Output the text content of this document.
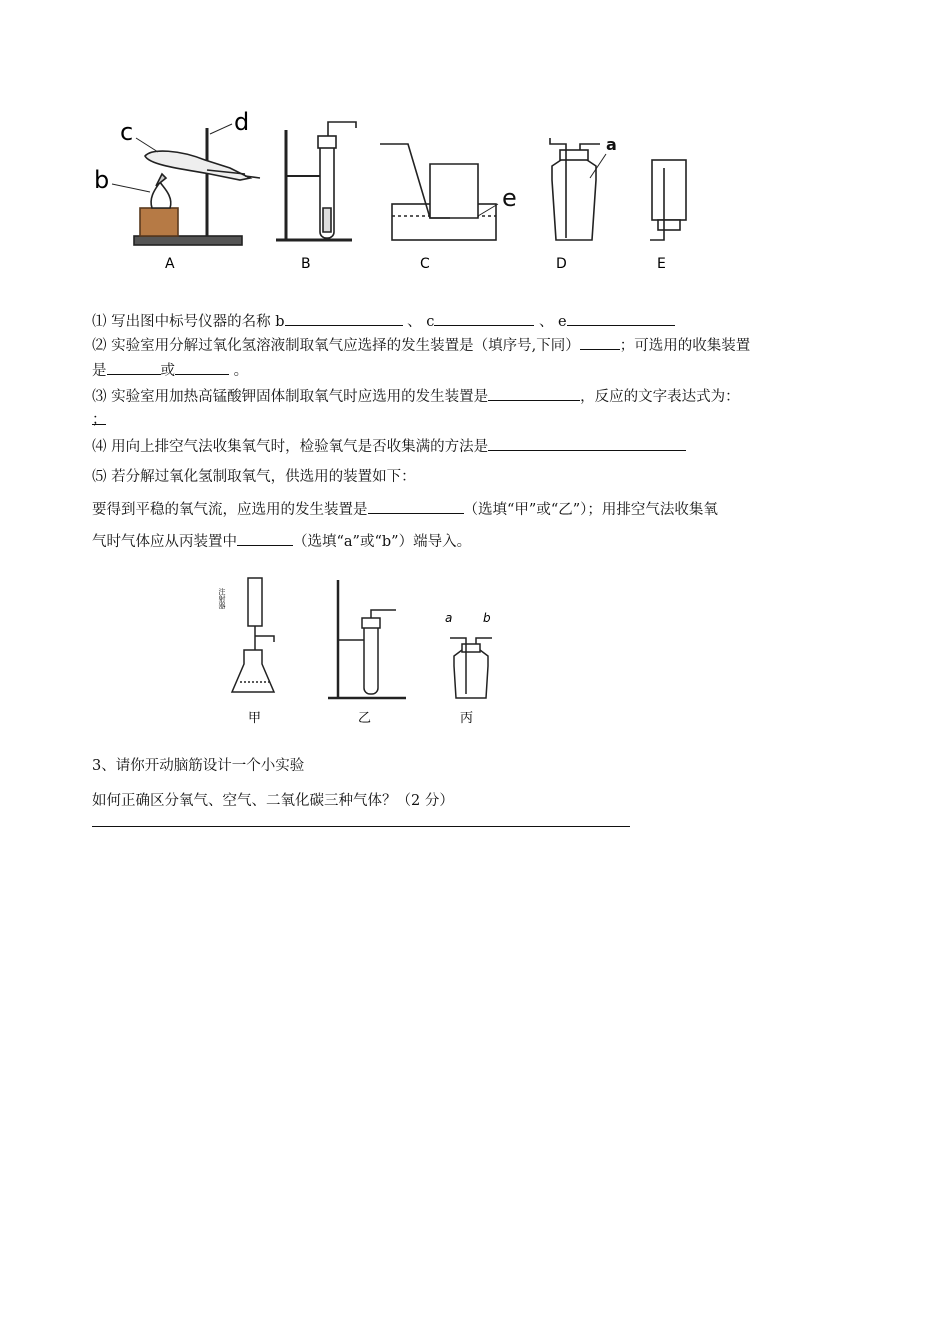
b
c	d
e
a
A	B	C	D	E
⑴ 写出图中标号仪器的名称 b	、 c	、 e
⑵ 实验室用分解过氧化氢溶液制取氧气应选择的发生装置是（填序号,下同）	；可选用的收集装置
是	或	。
⑶ 实验室用加热高锰酸钾固体制取氧气时应选用的发生装置是	，反应的文字表达式为：
；
⑷ 用向上排空气法收集氧气时，检验氧气是否收集满的方法是
⑸ 若分解过氧化氢制取氧气，供选用的装置如下：
要得到平稳的氧气流，应选用的发生装置是	（选填“甲”或“乙”）；用排空气法收集氧
气时气体应从丙装置中	（选填“a”或“b”）端导入。
注射器
a	b
甲	乙	丙
3、请你开动脑筋设计一个小实验
如何正确区分氧气、空气、二氧化碳三种气体？（2 分）
